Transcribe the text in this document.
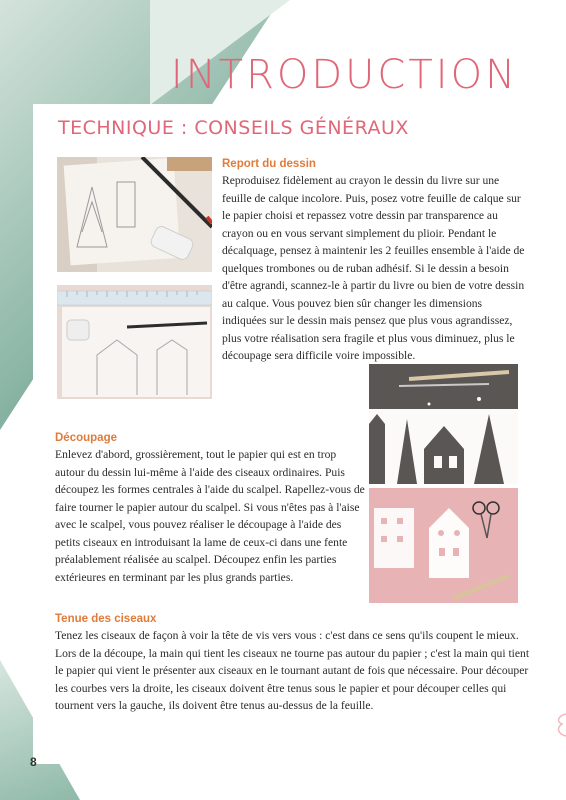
INTRODUCTION
TECHNIQUE : CONSEILS GÉNÉRAUX

Report du dessin

Reproduisez fidèlement au crayon le dessin du livre sur une feuille de calque incolore. Puis, posez votre feuille de calque sur le papier choisi et repassez votre dessin par transparence au crayon ou en vous servant simplement du plioir. Pendant le décalquage, pensez à maintenir les 2 feuilles ensemble à l'aide de quelques trombones ou de ruban adhésif. Si le dessin a besoin d'être agrandi, scannez-le à partir du livre ou bien de votre dessin au calque. Vous pouvez bien sûr changer les dimensions indiquées sur le dessin mais pensez que plus vous agrandissez, plus votre réalisation sera fragile et plus vous diminuez, plus le découpage sera difficile voire impossible.

Découpage

Enlevez d'abord, grossièrement, tout le papier qui est en trop autour du dessin lui-même à l'aide des ciseaux ordinaires. Puis découpez les formes centrales à l'aide du scalpel. Rapellez-vous de faire tourner le papier autour du scalpel. Si vous n'êtes pas à l'aise avec le scalpel, vous pouvez réaliser le découpage à l'aide des petits ciseaux en introduisant la lame de ceux-ci dans une fente préalablement réalisée au scalpel. Découpez enfin les parties extérieures en terminant par les plus grands parties.

Tenue des ciseaux

Tenez les ciseaux de façon à voir la tête de vis vers vous : c'est dans ce sens qu'ils coupent le mieux. Lors de la découpe, la main qui tient les ciseaux ne tourne pas autour du papier ; c'est la main qui tient le papier qui vient le présenter aux ciseaux en le tournant autant de fois que nécessaire. Pour découper les courbes vers la droite, les ciseaux doivent être tenus sous le papier et pour découper celles qui tournent vers la gauche, ils doivent être tenus au-dessus de la feuille.

8
